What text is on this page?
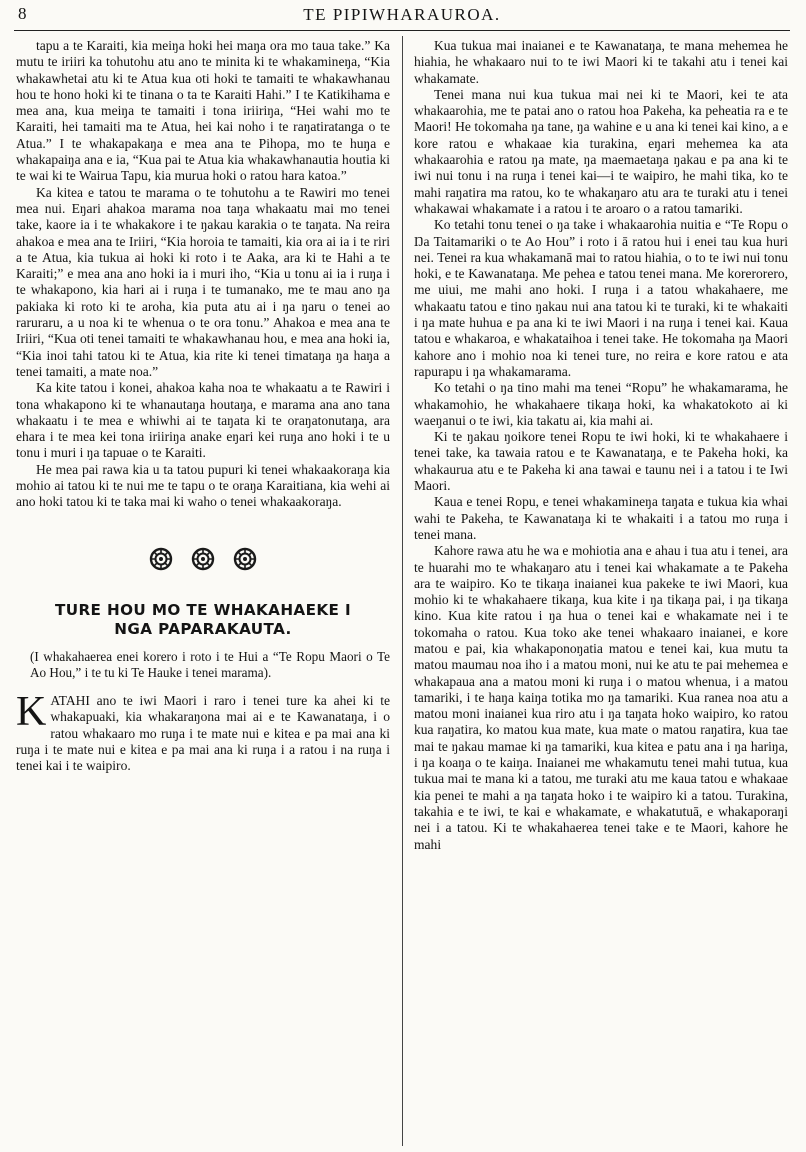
8	TE PIPIWHARAUROA.

tapu a te Karaiti, kia meiŋa hoki hei maŋa ora mo taua take.” Ka mutu te iriiri ka tohutohu atu ano te minita ki te whakamineŋa, “Kia whakawhetai atu ki te Atua kua oti hoki te tamaiti te whakawhanau hou te hono hoki ki te tinana o ta te Karaiti Hahi.” I te Katikihama e mea ana, kua meiŋa te tamaiti i tona iriiriŋa, “Hei wahi mo te Karaiti, hei tamaiti ma te Atua, hei kai noho i te raŋatiratanga o te Atua.” I te whakapakaŋa e mea ana te Pihopa, mo te huŋa e whakapaiŋa ana e ia, “Kua pai te Atua kia whakawhanautia houtia ki te wai ki te Wairua Tapu, kia murua hoki o ratou hara katoa.”

Ka kitea e tatou te marama o te tohutohu a te Rawiri mo tenei mea nui. Eŋari ahakoa marama noa taŋa whakaatu mai mo tenei take, kaore ia i te whakakore i te ŋakau karakia o te taŋata. Na reira ahakoa e mea ana te Iriiri, “Kia horoia te tamaiti, kia ora ai ia i te riri a te Atua, kia tukua ai hoki ki roto i te Aaka, ara ki te Hahi a te Karaiti;” e mea ana ano hoki ia i muri iho, “Kia u tonu ai ia i ruŋa i te whakapono, kia hari ai i ruŋa i te tumanako, me te mau ano ŋa pakiaka ki roto ki te aroha, kia puta atu ai i ŋa ŋaru o tenei ao raruraru, a u noa ki te whenua o te ora tonu.” Ahakoa e mea ana te Iriiri, “Kua oti tenei tamaiti te whakawhanau hou, e mea ana hoki ia, “Kia inoi tahi tatou ki te Atua, kia rite ki tenei timataŋa ŋa haŋa a tenei tamaiti, a mate noa.”

Ka kite tatou i konei, ahakoa kaha noa te whakaatu a te Rawiri i tona whakapono ki te whanautaŋa houtaŋa, e marama ana ano tana whakaatu i te mea e whiwhi ai te taŋata ki te oraŋatonutaŋa, ara ehara i te mea kei tona iriiriŋa anake eŋari kei ruŋa ano hoki i te u tonu i muri i ŋa tapuae o te Karaiti.

He mea pai rawa kia u ta tatou pupuri ki tenei whakaakoraŋa kia mohio ai tatou ki te nui me te tapu o te oraŋa Karaitiana, kia wehi ai ano hoki tatou ki te taka mai ki waho o tenei whakaakoraŋa.

TURE HOU MO TE WHAKAHAEKE I
NGA PAPARAKAUTA.

(I whakahaerea enei korero i roto i te Hui a “Te Ropu Maori o Te Ao Hou,” i te tu ki Te Hauke i tenei marama).

KATAHI ano te iwi Maori i raro i tenei ture ka ahei ki te whakapuaki, kia whakaraŋona mai ai e te Kawanataŋa, i o ratou whakaaro mo ruŋa i te mate nui e kitea e pa mai ana ki ruŋa i te mate nui e kitea e pa mai ana ki ruŋa i a ratou i na ruŋa i tenei kai i te waipiro.

Kua tukua mai inaianei e te Kawanataŋa, te mana mehemea he hiahia, he whakaaro nui to te iwi Maori ki te takahi atu i tenei kai whakamate.

Tenei mana nui kua tukua mai nei ki te Maori, kei te ata whakaarohia, me te patai ano o ratou hoa Pakeha, ka peheatia ra e te Maori! He tokomaha ŋa tane, ŋa wahine e u ana ki tenei kai kino, a e kore ratou e whakaae kia turakina, eŋari mehemea ka ata whakaarohia e ratou ŋa mate, ŋa maemaetaŋa ŋakau e pa ana ki te iwi nui tonu i na ruŋa i tenei kai—i te waipiro, he mahi tika, ko te mahi raŋatira ma ratou, ko te whakaŋaro atu ara te turaki atu i tenei whakawai whakamate i a ratou i te aroaro o a ratou tamariki.

Ko tetahi tonu tenei o ŋa take i whakaarohia nuitia e “Te Ropu o Ŋa Taitamariki o te Ao Hou” i roto i ā ratou hui i enei tau kua huri nei. Tenei ra kua whakamanā mai to ratou hiahia, o to te iwi nui tonu hoki, e te Kawanataŋa. Me pehea e tatou tenei mana. Me korerorero, me uiui, me mahi ano hoki. I ruŋa i a tatou whakahaere, me whakaatu tatou e tino ŋakau nui ana tatou ki te turaki, ki te whakaiti i ŋa mate huhua e pa ana ki te iwi Maori i na ruŋa i tenei kai. Kaua tatou e whakaroa, e whakataihoa i tenei take. He tokomaha ŋa Maori kahore ano i mohio noa ki tenei ture, no reira e kore ratou e ata rapurapu i ŋa whakamarama.

Ko tetahi o ŋa tino mahi ma tenei “Ropu” he whakamarama, he whakamohio, he whakahaere tikaŋa hoki, ka whakatokoto ai ki waeŋanui o te iwi, kia takatu ai, kia mahi ai.

Ki te ŋakau ŋoikore tenei Ropu te iwi hoki, ki te whakahaere i tenei take, ka tawaia ratou e te Kawanataŋa, e te Pakeha hoki, ka whakaurua atu e te Pakeha ki ana tawai e taunu nei i a tatou i te Iwi Maori.

Kaua e tenei Ropu, e tenei whakamineŋa taŋata e tukua kia whai wahi te Pakeha, te Kawanataŋa ki te whakaiti i a tatou mo ruŋa i tenei mana.

Kahore rawa atu he wa e mohiotia ana e ahau i tua atu i tenei, ara te huarahi mo te whakaŋaro atu i tenei kai whakamate a te Pakeha ara te waipiro. Ko te tikaŋa inaianei kua pakeke te iwi Maori, kua mohio ki te whakahaere tikaŋa, kua kite i ŋa tikaŋa pai, i ŋa tikaŋa kino. Kua kite ratou i ŋa hua o tenei kai e whakamate nei i te tokomaha o ratou. Kua toko ake tenei whakaaro inaianei, e kore matou e pai, kia whakaponoŋatia matou e tenei kai, kua mutu ta matou maumau noa iho i a matou moni, nui ke atu te pai mehemea e whakapaua ana a matou moni ki ruŋa i o matou whenua, i a matou tamariki, i te haŋa kaiŋa totika mo ŋa tamariki. Kua ranea noa atu a matou moni inaianei kua riro atu i ŋa taŋata hoko waipiro, ko ratou kua raŋatira, ko matou kua mate, kua mate o matou raŋatira, kua tae mai te ŋakau mamae ki ŋa tamariki, kua kitea e patu ana i ŋa hariŋa, i ŋa koaŋa o te kaiŋa. Inaianei me whakamutu tenei mahi tutua, kua tukua mai te mana ki a tatou, me turaki atu me kaua tatou e whakaae kia penei te mahi a ŋa taŋata hoko i te waipiro ki a tatou. Turakina, takahia e te iwi, te kai e whakamate, e whakatutuā, e whakaporaŋi nei i a tatou. Ki te whakahaerea tenei take e te Maori, kahore he mahi
